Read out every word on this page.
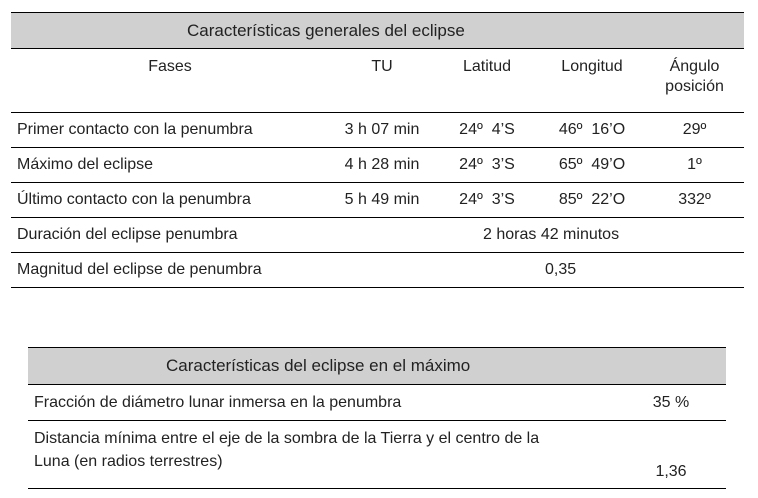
Características generales del eclipse				
Fases	TU	Latitud	Longitud	Ángulo
posición
Primer contacto con la penumbra	3 h 07 min	24º  4’S	46º  16’O	29º
Máximo del eclipse	4 h 28 min	24º  3’S	65º  49’O	1º
Último contacto con la penumbra	5 h 49 min	24º  3’S	85º  22’O	332º
Duración del eclipse penumbra		2 horas 42 minutos		
Magnitud del eclipse de penumbra		0,35		
Características del eclipse en el máximo	
Fracción de diámetro lunar inmersa en la penumbra	35 %
Distancia mínima entre el eje de la sombra de la Tierra y el centro de la
Luna (en radios terrestres)	1,36
